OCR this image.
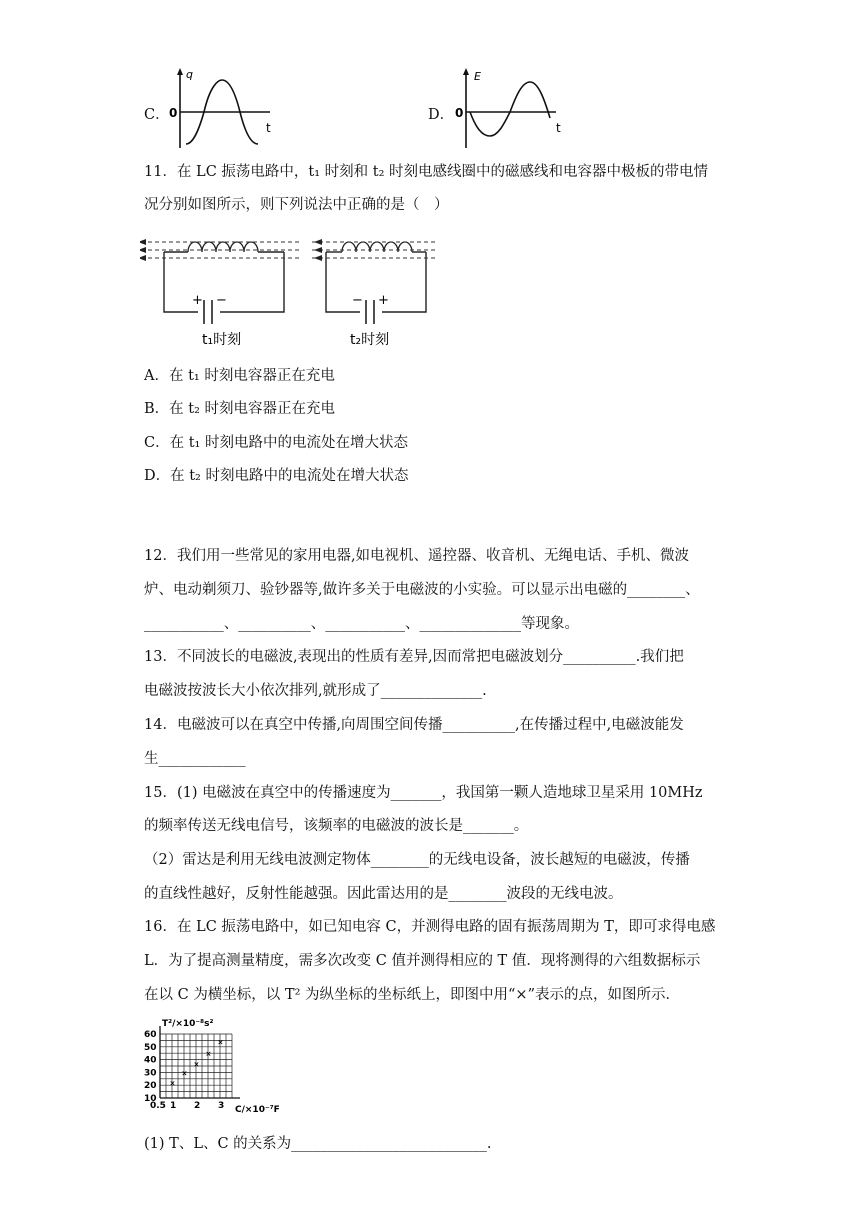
C．
q
t
0	D．
E
t
0
11．在 LC 振荡电路中，t₁ 时刻和 t₂ 时刻电感线圈中的磁感线和电容器中极板的带电情
况分别如图所示，则下列说法中正确的是（　）
+ −
t₁时刻
− +
t₂时刻
A．在 t₁ 时刻电容器正在充电
B．在 t₂ 时刻电容器正在充电
C．在 t₁ 时刻电路中的电流处在增大状态
D．在 t₂ 时刻电路中的电流处在增大状态
12．我们用一些常见的家用电器,如电视机、遥控器、收音机、无绳电话、手机、微波
炉、电动剃须刀、验钞器等,做许多关于电磁波的小实验。可以显示出电磁的________、
___________、__________、___________、______________等现象。
13．不同波长的电磁波,表现出的性质有差异,因而常把电磁波划分__________.我们把
电磁波按波长大小依次排列,就形成了______________.
14．电磁波可以在真空中传播,向周围空间传播__________,在传播过程中,电磁波能发
生____________
15．(1) 电磁波在真空中的传播速度为_______，我国第一颗人造地球卫星采用 10MHz
的频率传送无线电信号，该频率的电磁波的波长是_______。
（2）雷达是利用无线电波测定物体________的无线电设备，波长越短的电磁波，传播
的直线性越好，反射性能越强。因此雷达用的是________波段的无线电波。
16．在 LC 振荡电路中，如已知电容 C，并测得电路的固有振荡周期为 T，即可求得电感
L．为了提高测量精度，需多次改变 C 值并测得相应的 T 值．现将测得的六组数据标示
在以 C 为横坐标，以 T² 为纵坐标的坐标纸上，即图中用“×”表示的点，如图所示．
×
×
×
×
×
10
20
30
40
50
60
0.5 1 2 3
T²/×10⁻⁸s²
C/×10⁻⁷F
(1) T、L、C 的关系为___________________________.
